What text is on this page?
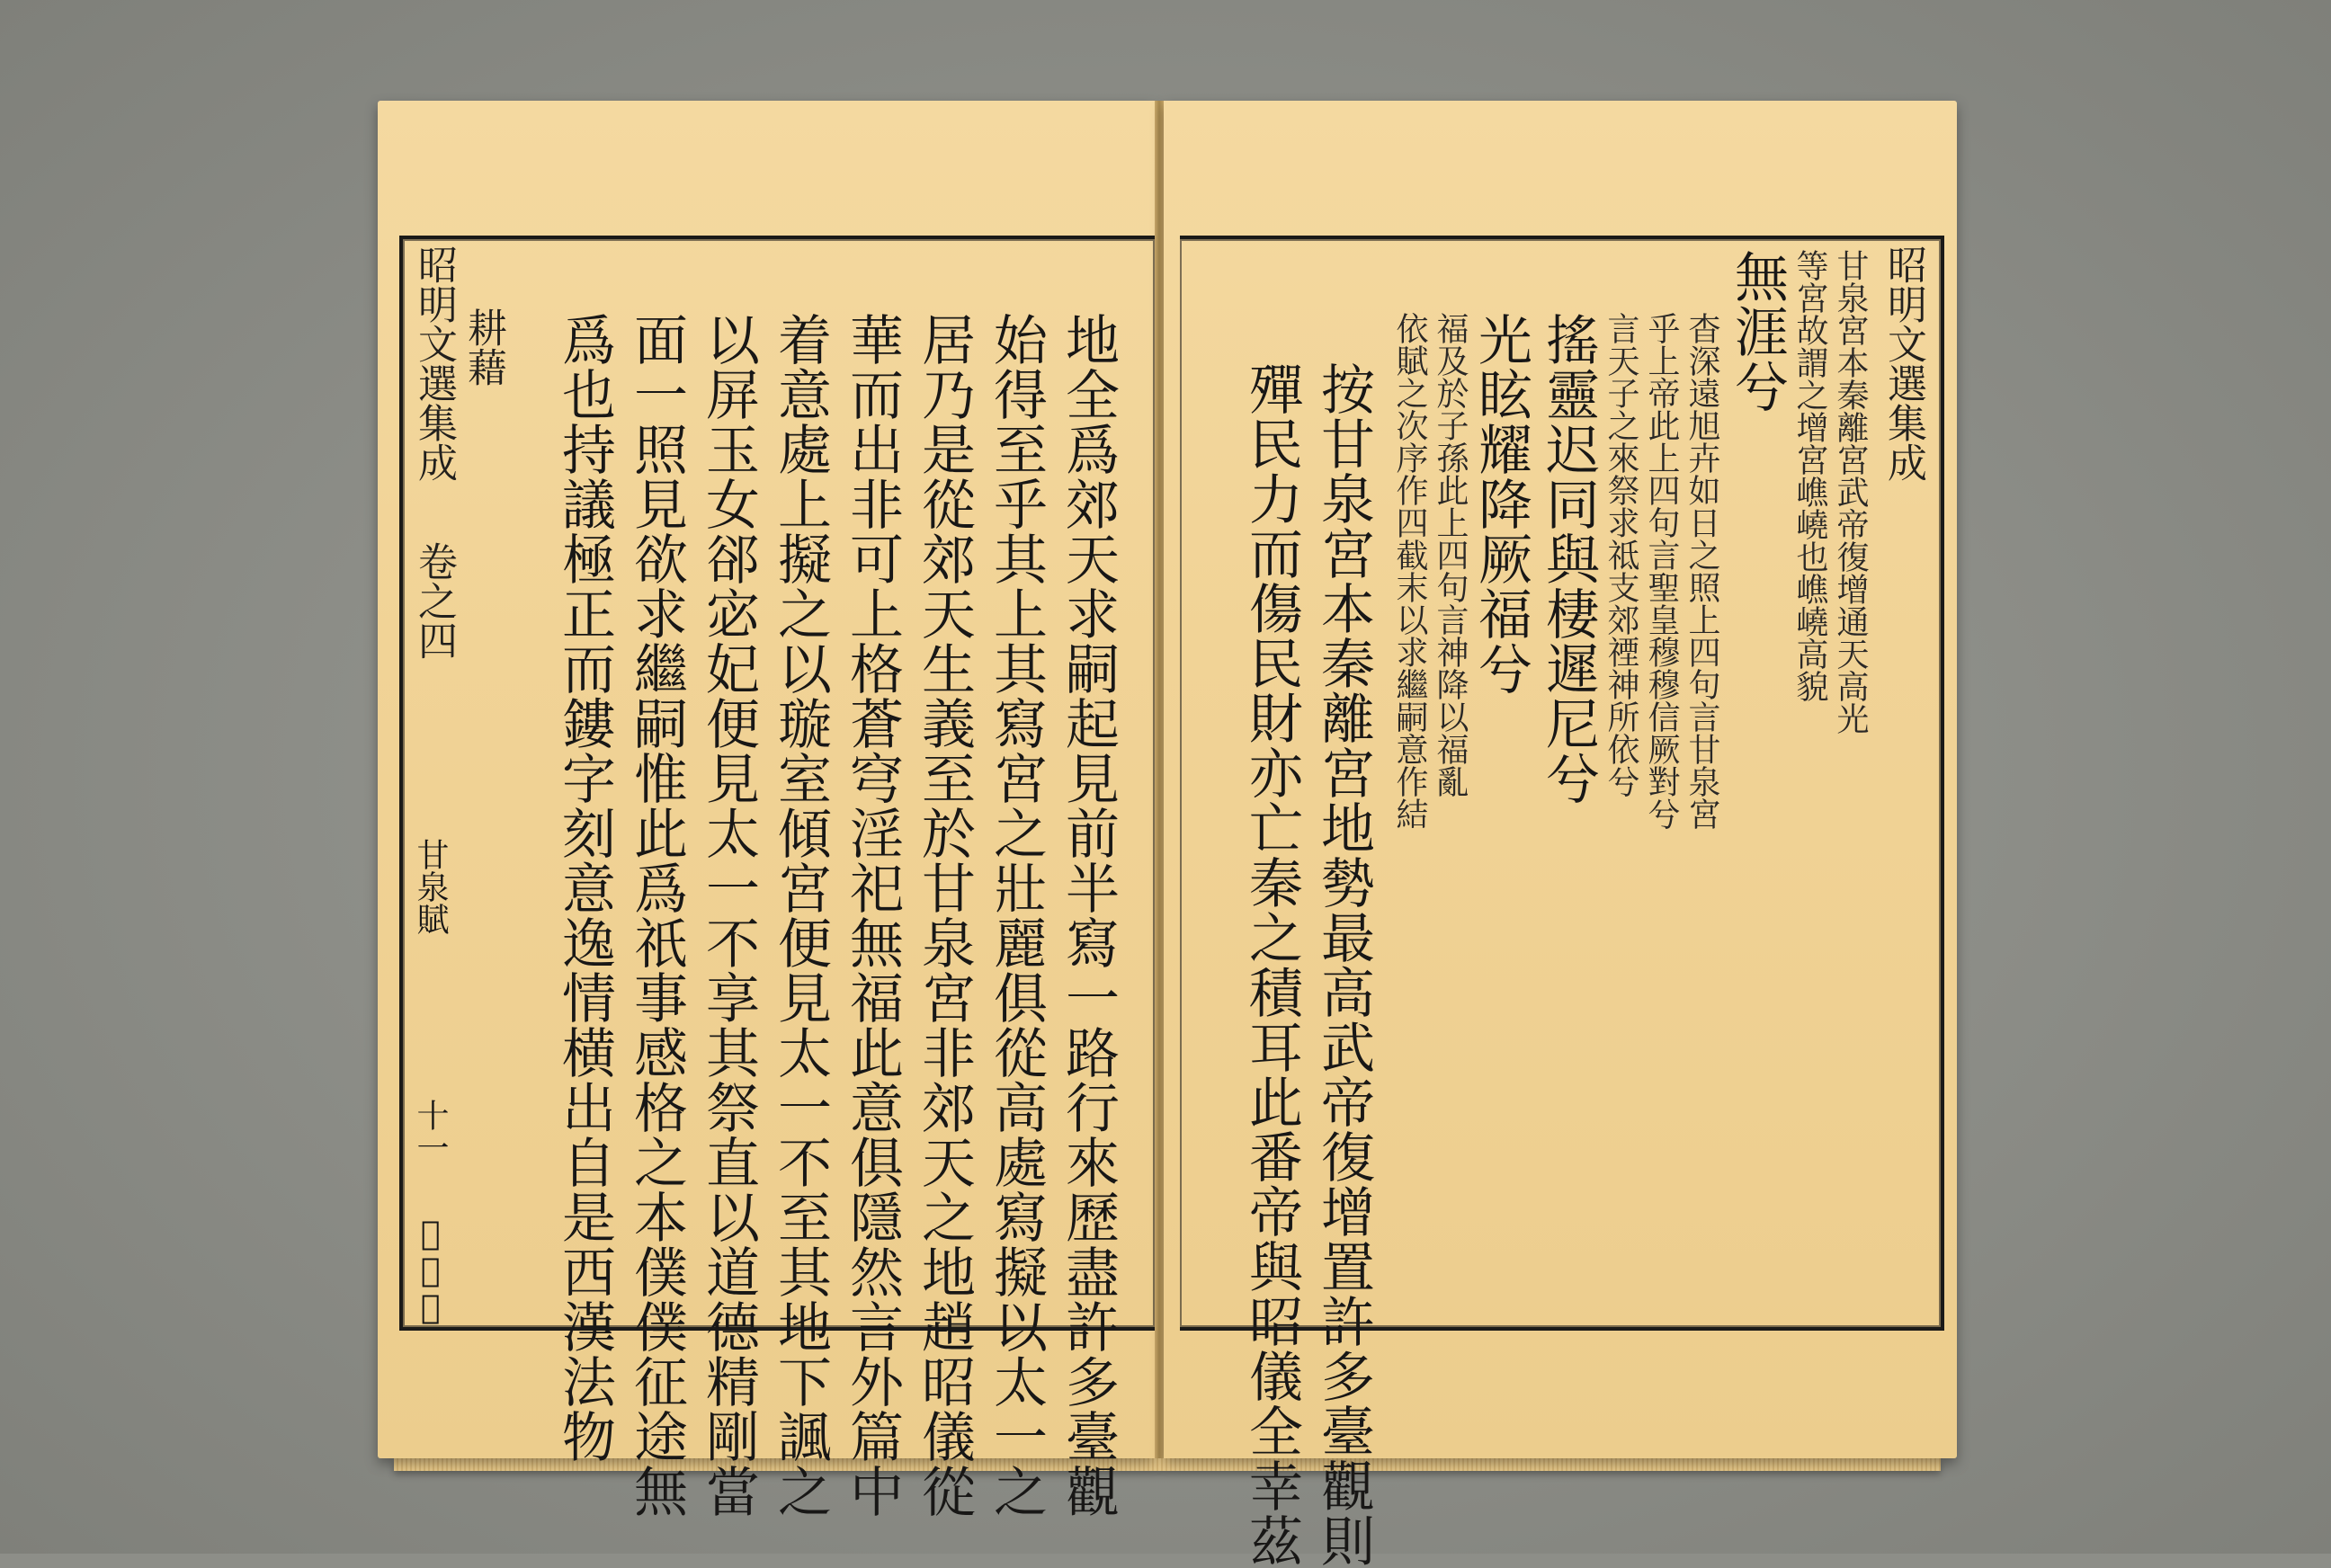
昭明文選集成
卷之四
甘泉賦
十一
𢾾𥳑軒
耕藉	地全爲郊天求嗣起見前半寫一路行來歷盡許多臺觀
始得至乎其上其寫宮之壯麗俱從高處寫擬以太一之
居乃是從郊天生義至於甘泉宮非郊天之地趙昭儀從
華而出非可上格蒼穹淫祀無福此意俱隱然言外篇中
着意處上擬之以璇室傾宮便見太一不至其地下諷之
以屏玉女郤宓妃便見太一不享其祭直以道德精剛當
面一照見欲求繼嗣惟此爲祇事感格之本僕僕征途無
爲也持議極正而鏤字刻意逸情横出自是西漢法物	昭明文選集成
甘泉宮本秦離宮武帝復增通天高光
等宮故謂之增宮嶕嶢也嶕嶢高貌
無涯兮
杳深遠旭卉如日之照上四句言甘泉宮
乎上帝此上四句言聖皇穆穆信厥對兮
言天子之來祭求祗支郊禋神所依兮
搖靈迟同與棲遲尼兮
光眩耀降厥福兮
福及於子孫此上四句言神降以福亂
依賦之次序作四截末以求繼嗣意作結
按甘泉宮本秦離宮地勢最高武帝復增置許多臺觀則
殫民力而傷民財亦亡秦之積耳此番帝與昭儀全幸茲
